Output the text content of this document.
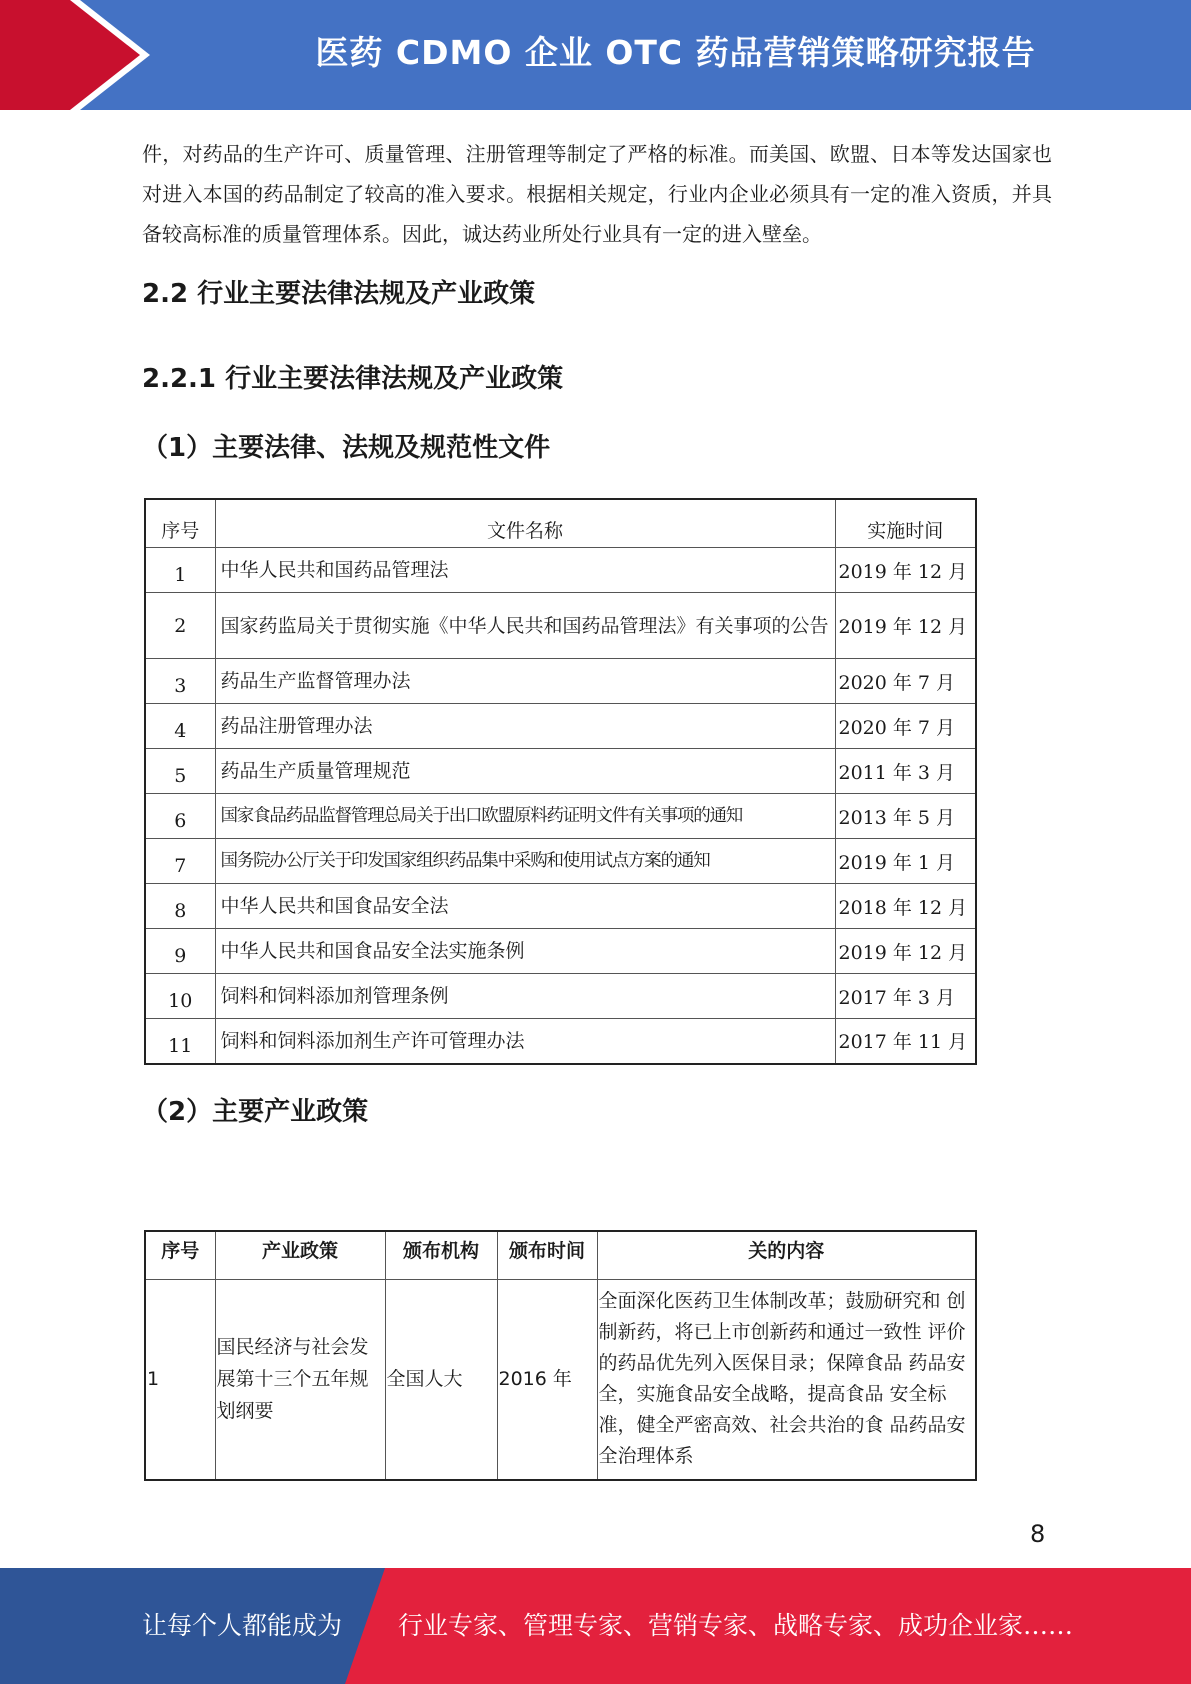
医药 CDMO 企业 OTC 药品营销策略研究报告

件，对药品的生产许可、质量管理、注册管理等制定了严格的标准。而美国、欧盟、日本等发达国家也对进入本国的药品制定了较高的准入要求。根据相关规定，行业内企业必须具有一定的准入资质，并具备较高标准的质量管理体系。因此，诚达药业所处行业具有一定的进入壁垒。

2.2 行业主要法律法规及产业政策
2.2.1 行业主要法律法规及产业政策
（1）主要法律、法规及规范性文件
序号	文件名称	实施时间
1	中华人民共和国药品管理法	2019 年 12 月
2	国家药监局关于贯彻实施《中华人民共和国药品管理法》有关事项的公告	2019 年 12 月
3	药品生产监督管理办法	2020 年 7 月
4	药品注册管理办法	2020 年 7 月
5	药品生产质量管理规范	2011 年 3 月
6	国家食品药品监督管理总局关于出口欧盟原料药证明文件有关事项的通知	2013 年 5 月
7	国务院办公厅关于印发国家组织药品集中采购和使用试点方案的通知	2019 年 1 月
8	中华人民共和国食品安全法	2018 年 12 月
9	中华人民共和国食品安全法实施条例	2019 年 12 月
10	饲料和饲料添加剂管理条例	2017 年 3 月
11	饲料和饲料添加剂生产许可管理办法	2017 年 11 月
（2）主要产业政策
序号	产业政策	颁布机构	颁布时间	关的内容
1	国民经济与社会发展第十三个五年规划纲要	全国人大	2016 年	全面深化医药卫生体制改革；鼓励研究和 创制新药，将已上市创新药和通过一致性 评价的药品优先列入医保目录；保障食品 药品安全，实施食品安全战略，提高食品 安全标准，健全严密高效、社会共治的食 品药品安全治理体系
8
让每个人都能成为 行业专家、管理专家、营销专家、战略专家、成功企业家……
